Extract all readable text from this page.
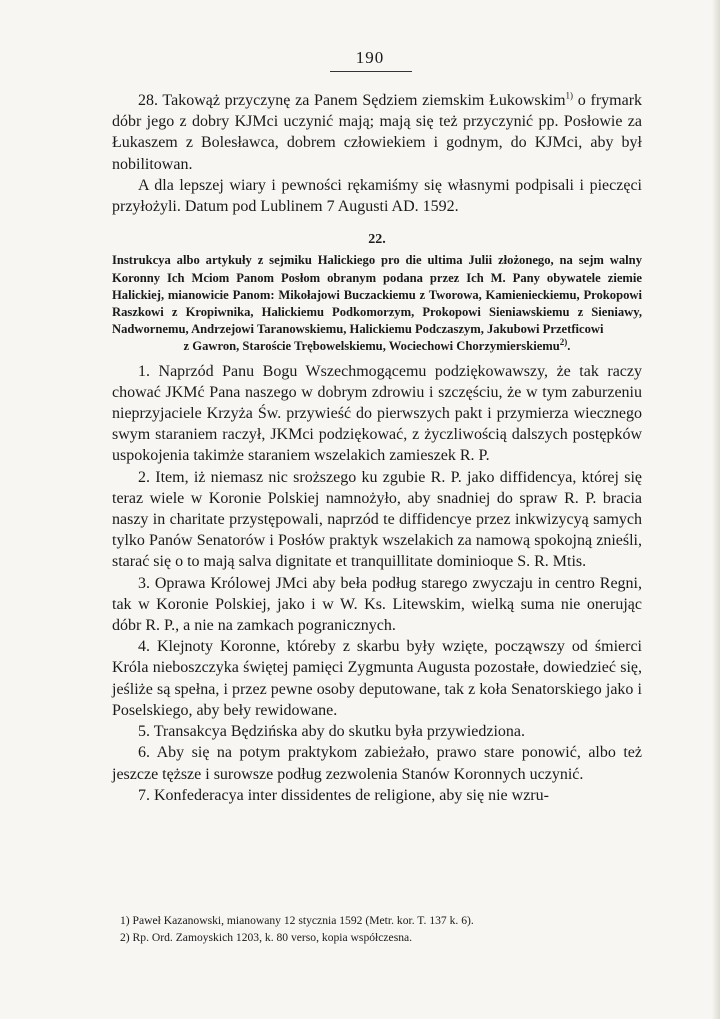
190

28. Takowąż przyczynę za Panem Sędziem ziemskim Łukowskim$^{1)}$ o frymark dóbr jego z dobry KJMci uczynić mają; mają się też przyczynić pp. Posłowie za Łukaszem z Bolesławca, dobrem człowiekiem i godnym, do KJMci, aby był nobilitowan.

A dla lepszej wiary i pewności rękamiśmy się własnymi podpisali i pieczęci przyłożyli. Datum pod Lublinem 7 Augusti AD. 1592.

22.

Instrukcya albo artykuły z sejmiku Halickiego pro die ultima Julii złożonego, na sejm walny Koronny Ich Mciom Panom Posłom obranym podana przez Ich M. Pany obywatele ziemie Halickiej, mianowicie Panom: Mikołajowi Buczackiemu z Tworowa, Kamienieckiemu, Prokopowi Raszkowi z Kropiwnika, Halickiemu Podkomorzym, Prokopowi Sieniawskiemu z Sieniawy, Nadwornemu, Andrzejowi Taranowskiemu, Halickiemu Podczaszym, Jakubowi Przetficowi

z Gawron, Staroście Trębowelskiemu, Wociechowi Chorzymierskiemu$^{2)}$.

1. Naprzód Panu Bogu Wszechmogącemu podziękowawszy, że tak raczy chować JKMć Pana naszego w dobrym zdrowiu i szczęściu, że w tym zaburzeniu nieprzyjaciele Krzyża Św. przywieść do pierwszych pakt i przymierza wiecznego swym staraniem raczył, JKMci podziękować, z życzliwością dalszych postępków uspokojenia takimże staraniem wszelakich zamieszek R. P.

2. Item, iż niemasz nic sroższego ku zgubie R. P. jako diffidencya, której się teraz wiele w Koronie Polskiej namnożyło, aby snadniej do spraw R. P. bracia naszy in charitate przystępowali, naprzód te diffidencye przez inkwizycyą samych tylko Panów Senatorów i Posłów praktyk wszelakich za namową spokojną znieśli, starać się o to mają salva dignitate et tranquillitate dominioque S. R. Mtis.

3. Oprawa Królowej JMci aby beła podług starego zwyczaju in centro Regni, tak w Koronie Polskiej, jako i w W. Ks. Litewskim, wielką suma nie onerując dóbr R. P., a nie na zamkach pogranicznych.

4. Klejnoty Koronne, któreby z skarbu były wzięte, począwszy od śmierci Króla nieboszczyka świętej pamięci Zygmunta Augusta pozostałe, dowiedzieć się, jeśliże są spełna, i przez pewne osoby deputowane, tak z koła Senatorskiego jako i Poselskiego, aby beły rewidowane.

5. Transakcya Będzińska aby do skutku była przywiedziona.

6. Aby się na potym praktykom zabieżało, prawo stare ponowić, albo też jeszcze tęższe i surowsze podług zezwolenia Stanów Koronnych uczynić.

7. Konfederacya inter dissidentes de religione, aby się nie wzru-

1) Paweł Kazanowski, mianowany 12 stycznia 1592 (Metr. kor. T. 137 k. 6).

2) Rp. Ord. Zamoyskich 1203, k. 80 verso, kopia współczesna.
